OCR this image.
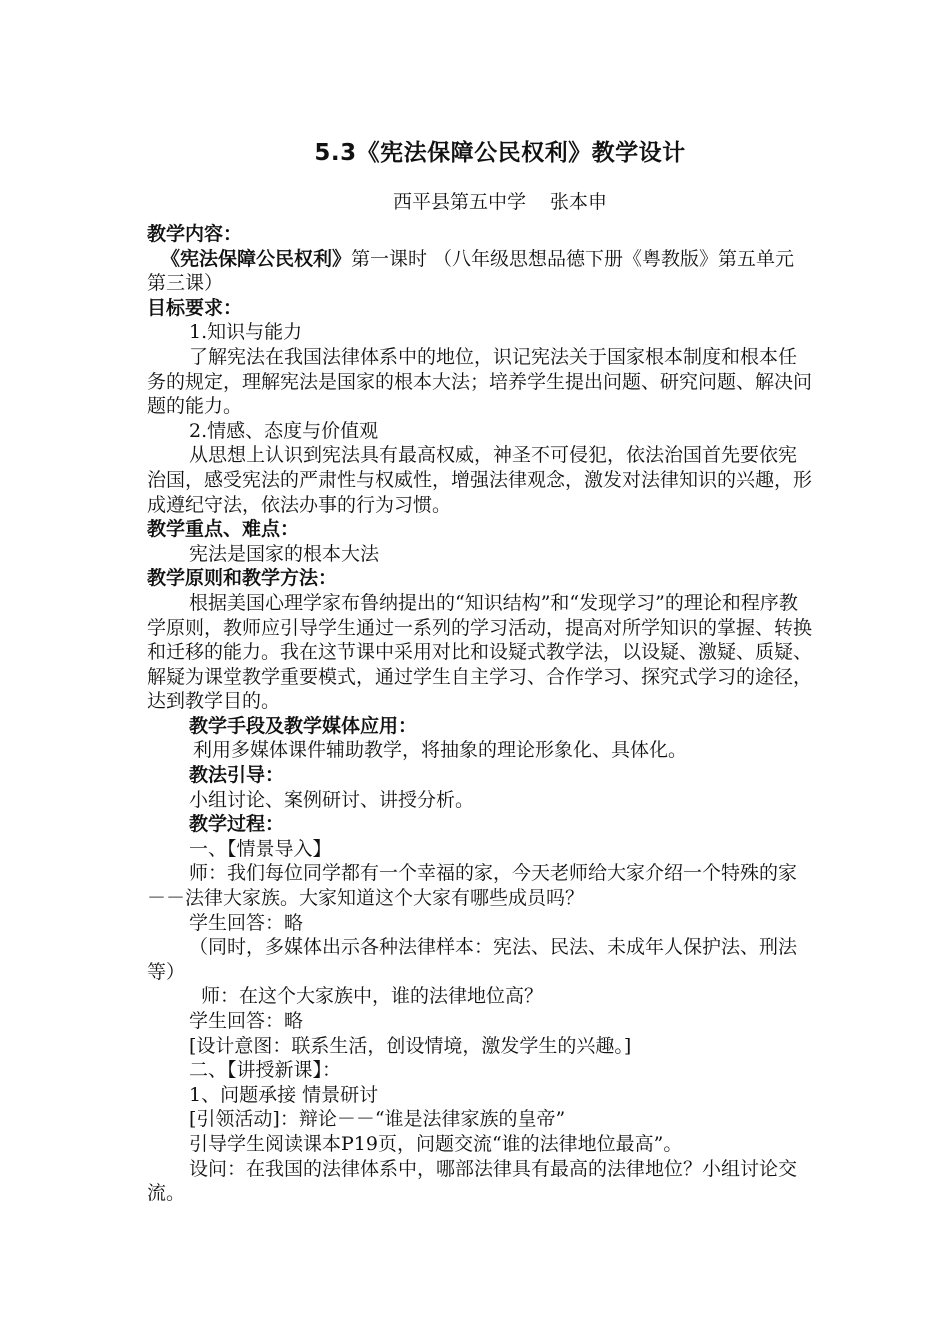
5.3《宪法保障公民权利》教学设计
西平县第五中学 张本申

教学内容：

《宪法保障公民权利》第一课时 （八年级思想品德下册《粤教版》第五单元 第三课）

目标要求：

1.知识与能力

了解宪法在我国法律体系中的地位，识记宪法关于国家根本制度和根本任务的规定，理解宪法是国家的根本大法；培养学生提出问题、研究问题、解决问题的能力。

2.情感、态度与价值观

从思想上认识到宪法具有最高权威，神圣不可侵犯，依法治国首先要依宪治国，感受宪法的严肃性与权威性，增强法律观念，激发对法律知识的兴趣，形成遵纪守法，依法办事的行为习惯。

教学重点、难点：

宪法是国家的根本大法

教学原则和教学方法：

根据美国心理学家布鲁纳提出的“知识结构”和“发现学习”的理论和程序教学原则，教师应引导学生通过一系列的学习活动，提高对所学知识的掌握、转换和迁移的能力。我在这节课中采用对比和设疑式教学法，以设疑、激疑、质疑、解疑为课堂教学重要模式，通过学生自主学习、合作学习、探究式学习的途径，达到教学目的。

教学手段及教学媒体应用：

利用多媒体课件辅助教学，将抽象的理论形象化、具体化。

教法引导：

小组讨论、案例研讨、讲授分析。

教学过程：

一、【情景导入】

师：我们每位同学都有一个幸福的家，今天老师给大家介绍一个特殊的家－－法律大家族。大家知道这个大家有哪些成员吗？

学生回答：略

（同时，多媒体出示各种法律样本：宪法、民法、未成年人保护法、刑法等）

师：在这个大家族中，谁的法律地位高？

学生回答：略

[设计意图：联系生活，创设情境，激发学生的兴趣。]

二、【讲授新课】：

1、问题承接 情景研讨

[引领活动]：辩论－－“谁是法律家族的皇帝”

引导学生阅读课本P19页，问题交流“谁的法律地位最高”。

设问：在我国的法律体系中，哪部法律具有最高的法律地位？小组讨论交流。
